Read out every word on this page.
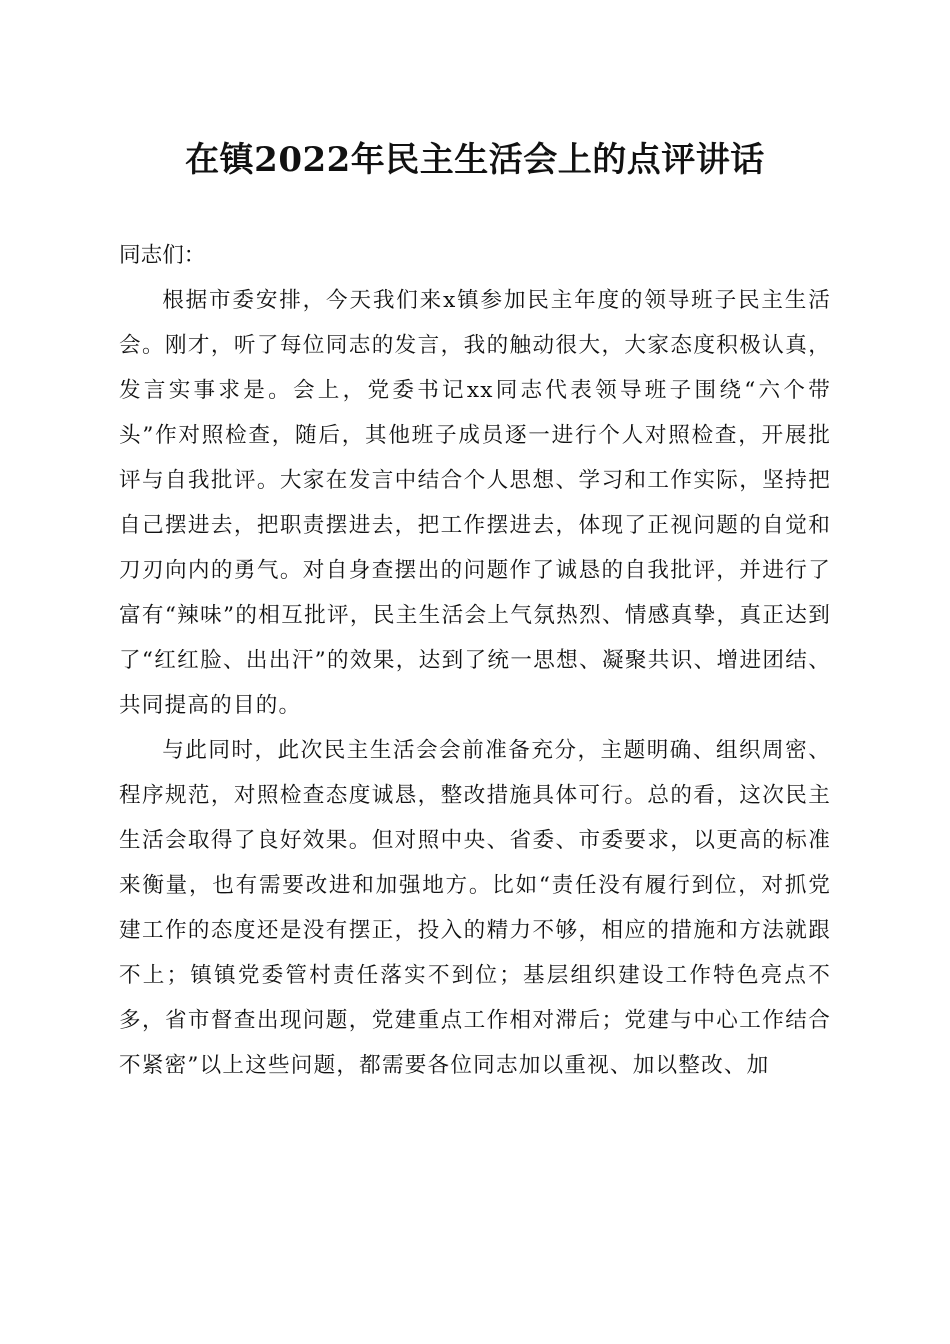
在镇2022年民主生活会上的点评讲话

同志们：

根据市委安排，今天我们来x镇参加民主年度的领导班子民主生活会。刚才，听了每位同志的发言，我的触动很大，大家态度积极认真，发言实事求是。会上，党委书记xx同志代表领导班子围绕“六个带头”作对照检查，随后，其他班子成员逐一进行个人对照检查，开展批评与自我批评。大家在发言中结合个人思想、学习和工作实际，坚持把自己摆进去，把职责摆进去，把工作摆进去，体现了正视问题的自觉和刀刃向内的勇气。对自身查摆出的问题作了诚恳的自我批评，并进行了富有“辣味”的相互批评，民主生活会上气氛热烈、情感真挚，真正达到了“红红脸、出出汗”的效果，达到了统一思想、凝聚共识、增进团结、共同提高的目的。

与此同时，此次民主生活会会前准备充分，主题明确、组织周密、程序规范，对照检查态度诚恳，整改措施具体可行。总的看，这次民主生活会取得了良好效果。但对照中央、省委、市委要求，以更高的标准来衡量，也有需要改进和加强地方。比如“责任没有履行到位，对抓党建工作的态度还是没有摆正，投入的精力不够，相应的措施和方法就跟不上；镇镇党委管村责任落实不到位；基层组织建设工作特色亮点不多，省市督查出现问题，党建重点工作相对滞后；党建与中心工作结合不紧密”以上这些问题，都需要各位同志加以重视、加以整改、加
